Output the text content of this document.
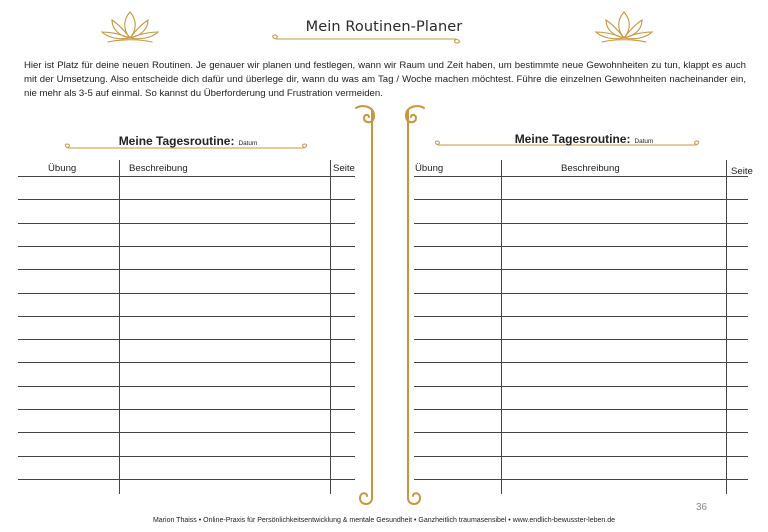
Mein Routinen-Planer
Hier ist Platz für deine neuen Routinen. Je genauer wir planen und festlegen, wann wir Raum und Zeit haben, um bestimmte neue Gewohnheiten zu tun, klappt es auch mit der Umsetzung. Also entscheide dich dafür und überlege dir, wann du was am Tag / Woche machen möchtest. Führe die einzelnen Gewohnheiten nacheinander ein, nie mehr als 3-5 auf einmal. So kannst du Überforderung und Frustration vermeiden.
Meine Tagesroutine: Datum
Übung	Beschreibung	Seite
Meine Tagesroutine: Datum
Übung	Beschreibung	Seite
36
Marion Thaiss • Online-Praxis für Persönlichkeitsentwicklung & mentale Gesundheit • Ganzheitlich traumasensibel • www.endlich-bewusster-leben.de
